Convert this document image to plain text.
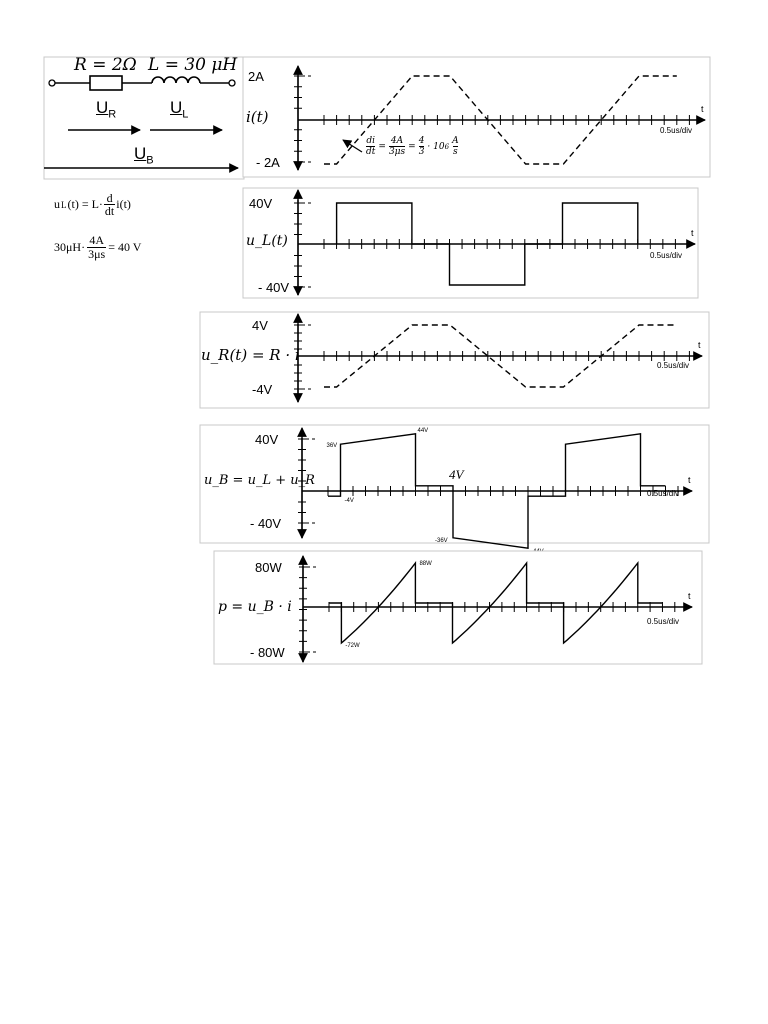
2A
- 2A
t
0.5us/div
40V
- 40V
t
0.5us/div
4V
-4V
t
0.5us/div
40V
- 40V
t
0.5us/div
36V
44V
4V
-4V
-36V
80W
- 80W
t
0.5us/div
88W
-72W
R = 2Ω L = 30 μH
$U_R$	$U_L$
$U_B$
u L (t) = L· d
dt i(t)
$30\mu H\cdot \frac{4A}{3\mu s} = 40$ V
i(t)
$\frac{di}{dt} = \frac{4A}{3\mu s} = \frac{4}{3} \cdot 10$ 6
A
s
u_L(t)
u_R(t) = R · i
u_B = u_L + u_R
p = u_B · i
